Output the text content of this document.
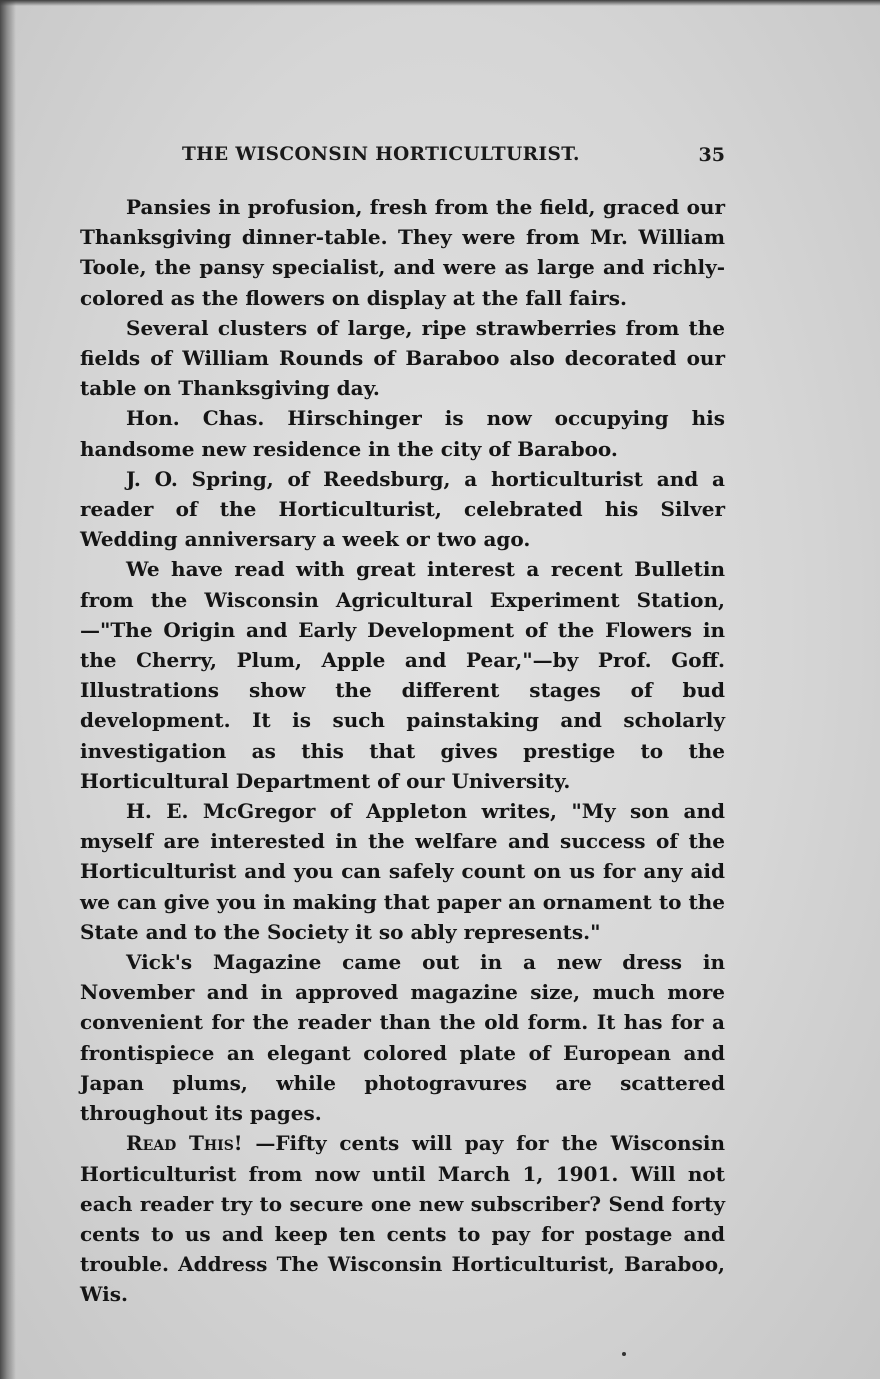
THE WISCONSIN HORTICULTURIST.	35

Pansies in profusion, fresh from the field, graced our Thanksgiving dinner-table. They were from Mr. William Toole, the pansy specialist, and were as large and richly-colored as the flowers on display at the fall fairs.

Several clusters of large, ripe strawberries from the fields of William Rounds of Baraboo also decorated our table on Thanksgiving day.

Hon. Chas. Hirschinger is now occupying his handsome new residence in the city of Baraboo.

J. O. Spring, of Reedsburg, a horticulturist and a reader of the Horticulturist, celebrated his Silver Wedding anniversary a week or two ago.

We have read with great interest a recent Bulletin from the Wisconsin Agricultural Experiment Station,—"The Origin and Early Development of the Flowers in the Cherry, Plum, Apple and Pear,"—by Prof. Goff. Illustrations show the different stages of bud development. It is such painstaking and scholarly investigation as this that gives prestige to the Horticultural Department of our University.

H. E. McGregor of Appleton writes, "My son and myself are interested in the welfare and success of the Horticulturist and you can safely count on us for any aid we can give you in making that paper an ornament to the State and to the Society it so ably represents."

Vick's Magazine came out in a new dress in November and in approved magazine size, much more convenient for the reader than the old form. It has for a frontispiece an elegant colored plate of European and Japan plums, while photogravures are scattered throughout its pages.

Read This! —Fifty cents will pay for the Wisconsin Horticulturist from now until March 1, 1901. Will not each reader try to secure one new subscriber? Send forty cents to us and keep ten cents to pay for postage and trouble. Address The Wisconsin Horticulturist, Baraboo, Wis.
